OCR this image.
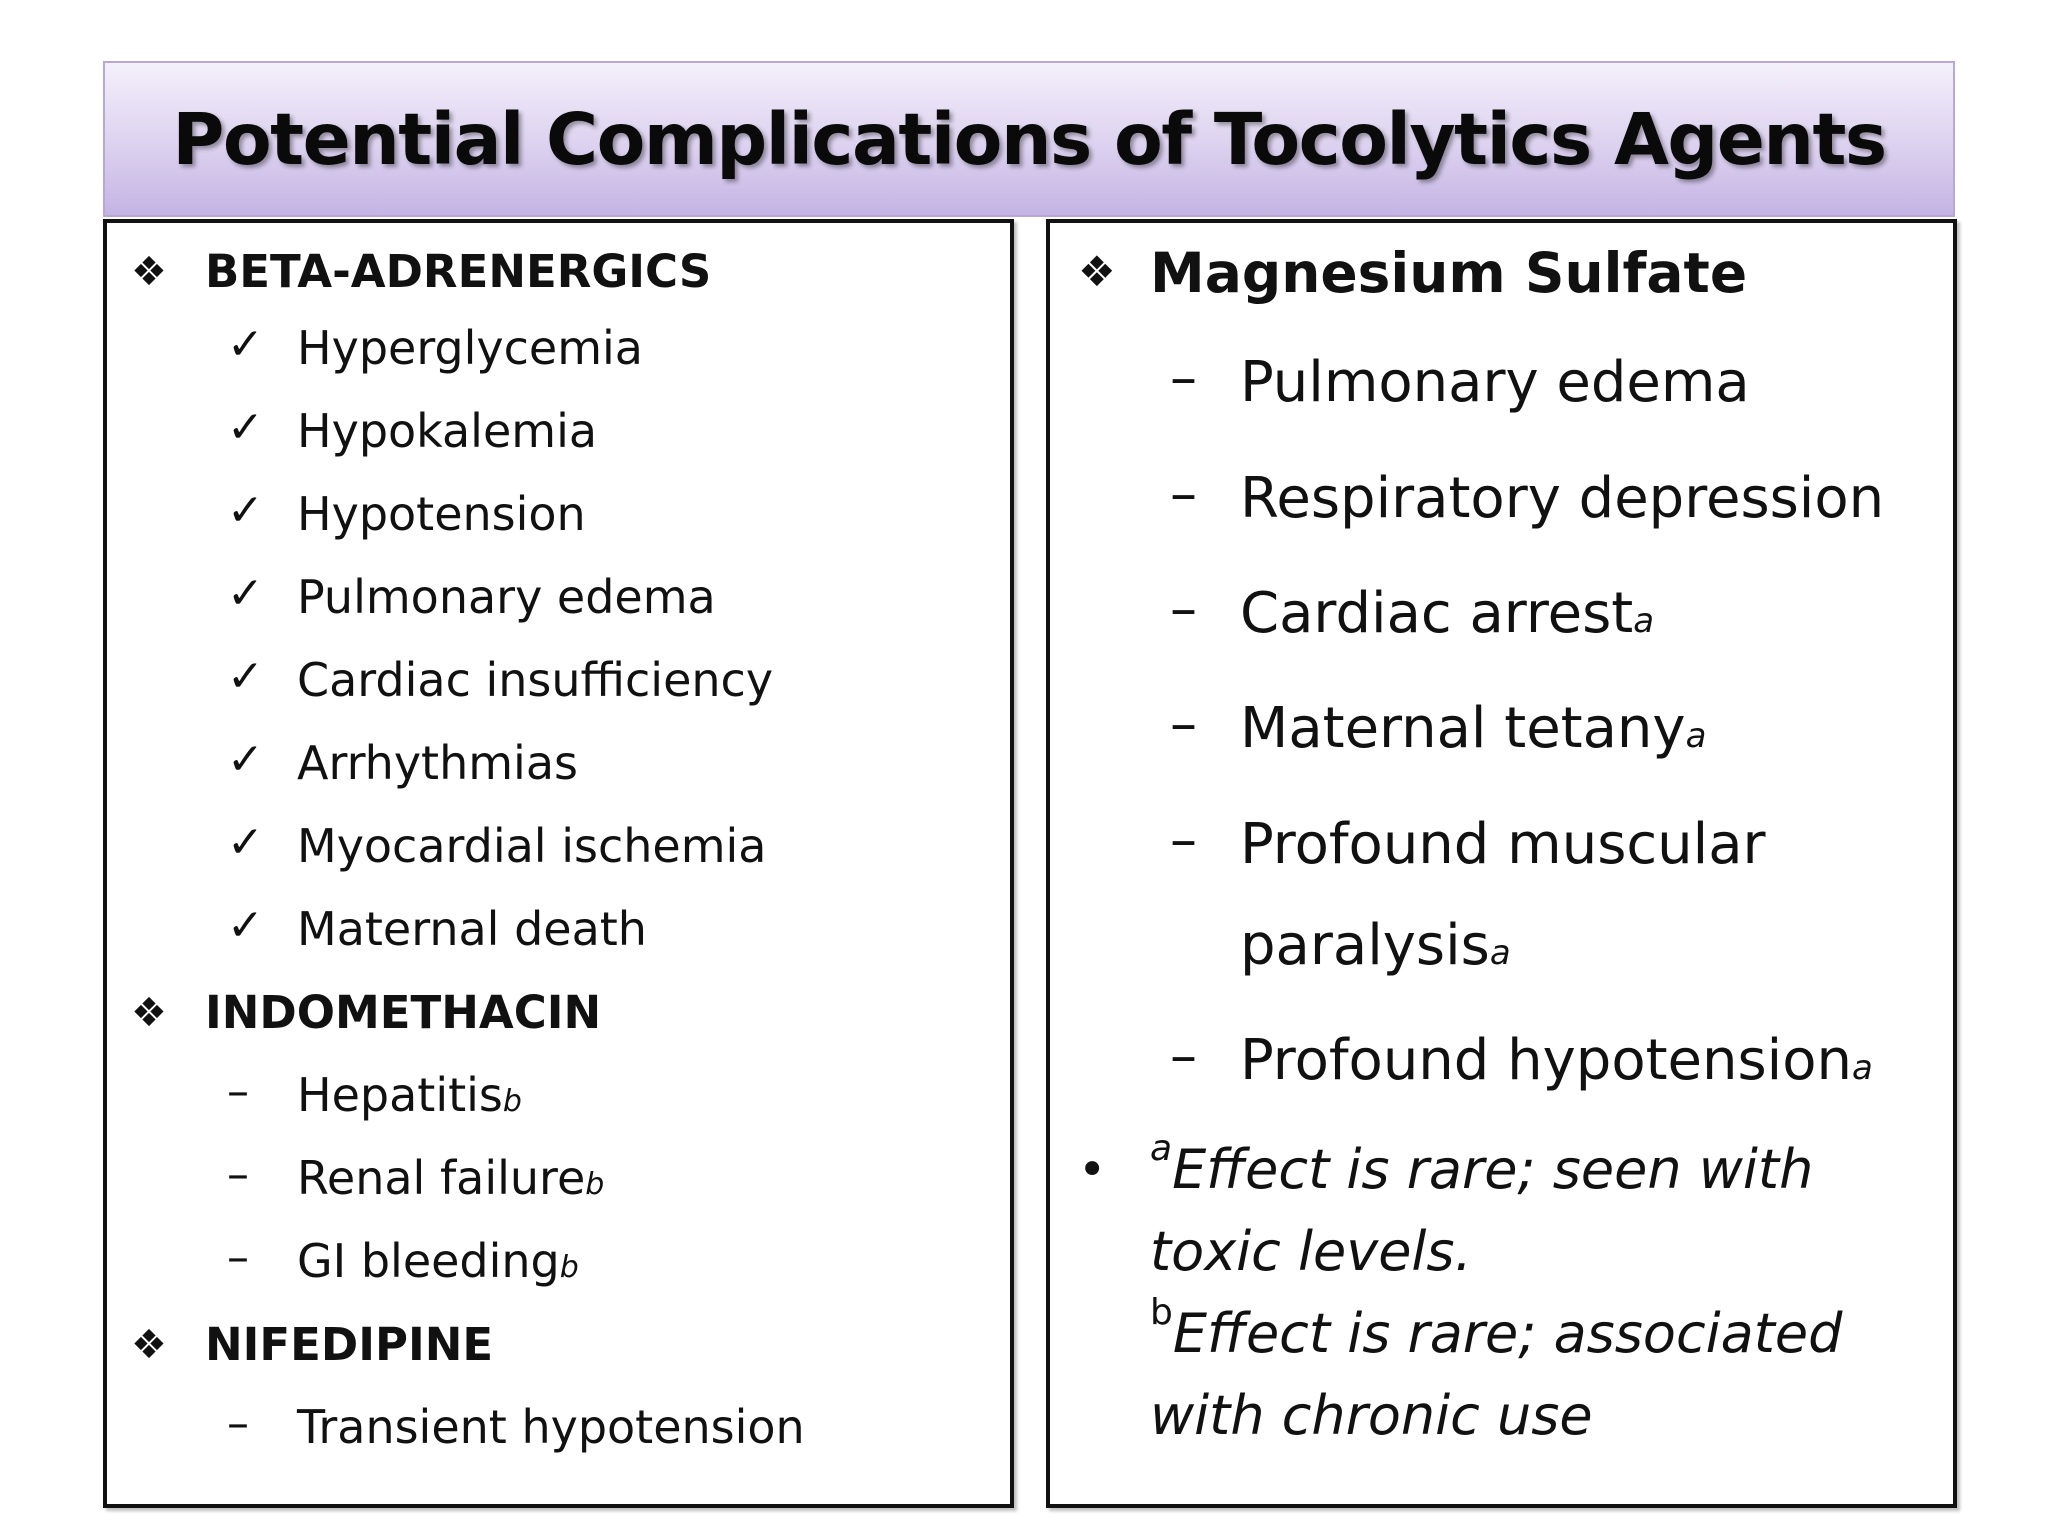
Potential Complications of Tocolytics Agents
❖ BETA-ADRENERGICS
✓ Hyperglycemia
✓ Hypokalemia
✓ Hypotension
✓ Pulmonary edema
✓ Cardiac insufficiency
✓ Arrhythmias
✓ Myocardial ischemia
✓ Maternal death
❖ INDOMETHACIN
– Hepatitis b
– Renal failure b
– GI bleeding b
❖ NIFEDIPINE
– Transient hypotension
❖ Magnesium Sulfate
– Pulmonary edema
– Respiratory depression
– Cardiac arrest a
– Maternal tetany a
– Profound muscular
paralysis a
– Profound hypotension a
• $^a$Effect is rare; seen with
toxic levels.
$^b$Effect is rare; associated
with chronic use
